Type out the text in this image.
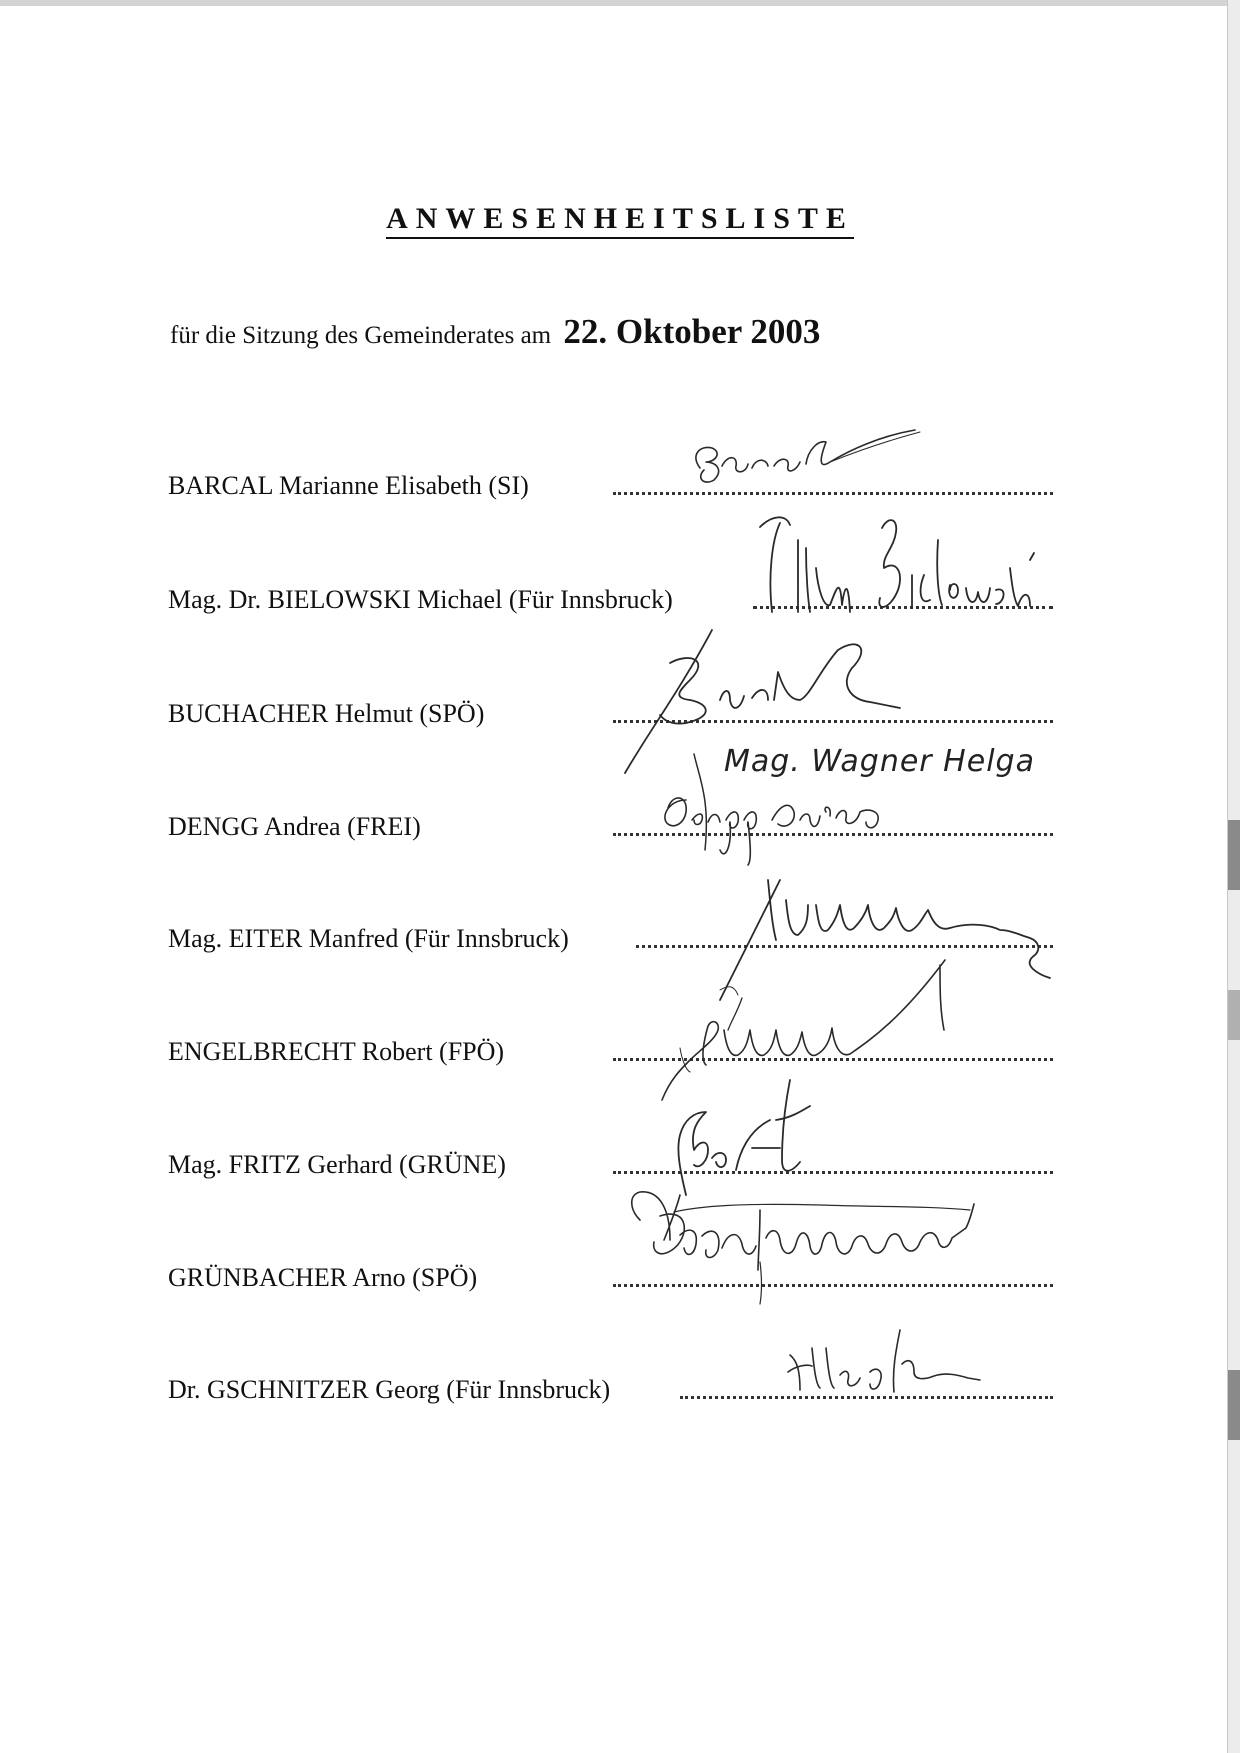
ANWESENHEITSLISTE
für die Sitzung des Gemeinderates am 22. Oktober 2003
BARCAL Marianne Elisabeth (SI)
Mag. Dr. BIELOWSKI Michael (Für Innsbruck)
BUCHACHER Helmut (SPÖ)
DENGG Andrea (FREI)
Mag. EITER Manfred (Für Innsbruck)
ENGELBRECHT Robert (FPÖ)
Mag. FRITZ Gerhard (GRÜNE)
GRÜNBACHER Arno (SPÖ)
Dr. GSCHNITZER Georg (Für Innsbruck)
Mag. Wagner Helga
